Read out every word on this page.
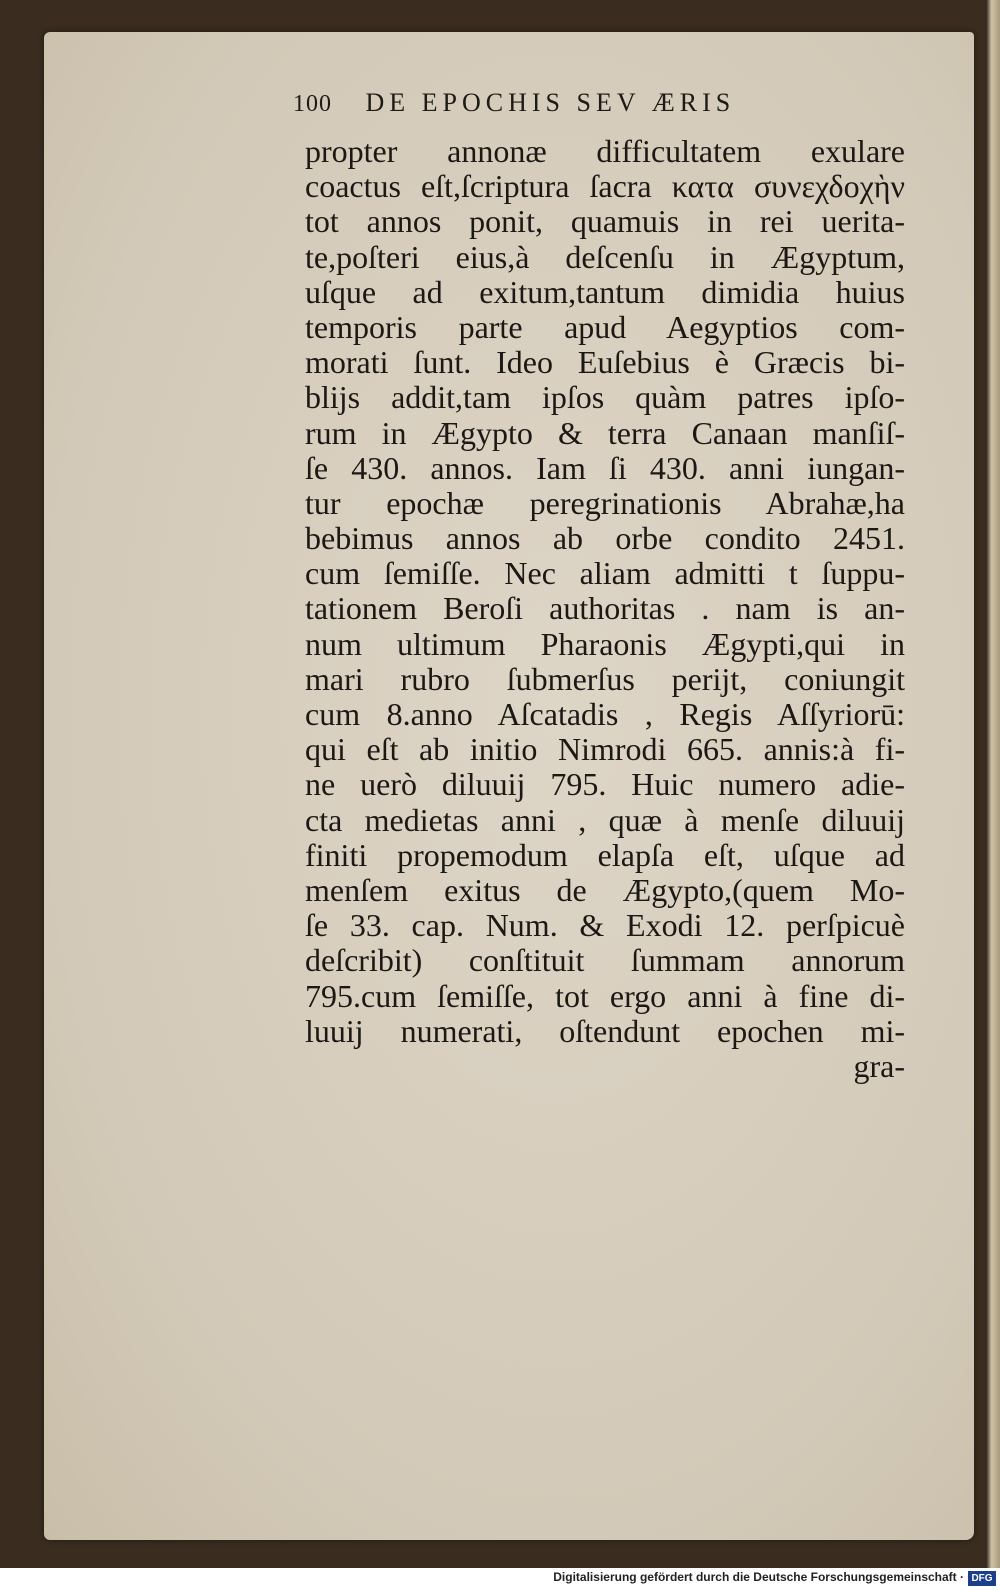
100 DE EPOCHIS SEV ÆRIS
propter annonæ difficultatem exulare
coactus eſt,ſcriptura ſacra κατα συνεχδοχὴν
tot annos ponit, quamuis in rei uerita-
te,poſteri eius,à deſcenſu in Ægyptum,
uſque ad exitum,tantum dimidia huius
temporis parte apud Aegyptios com-
morati ſunt. Ideo Euſebius è Græcis bi-
blijs addit,tam ipſos quàm patres ipſo-
rum in Ægypto & terra Canaan manſiſ-
ſe 430. annos. Iam ſi 430. anni iungan-
tur epochæ peregrinationis Abrahæ,ha
bebimus annos ab orbe condito 2451.
cum ſemiſſe. Nec aliam admitti t ſuppu-
tationem Beroſi authoritas . nam is an-
num ultimum Pharaonis Ægypti,qui in
mari rubro ſubmerſus perijt, coniungit
cum 8.anno Aſcatadis , Regis Aſſyriorū:
qui eſt ab initio Nimrodi 665. annis:à fi-
ne uerò diluuij 795. Huic numero adie-
cta medietas anni , quæ à menſe diluuij
finiti propemodum elapſa eſt, uſque ad
menſem exitus de Ægypto,(quem Mo-
ſe 33. cap. Num. & Exodi 12. perſpicuè
deſcribit) conſtituit ſummam annorum
795.cum ſemiſſe, tot ergo anni à fine di-
luuij numerati, oſtendunt epochen mi-
gra-
Digitalisierung gefördert durch die Deutsche Forschungsgemeinschaft · DFG
